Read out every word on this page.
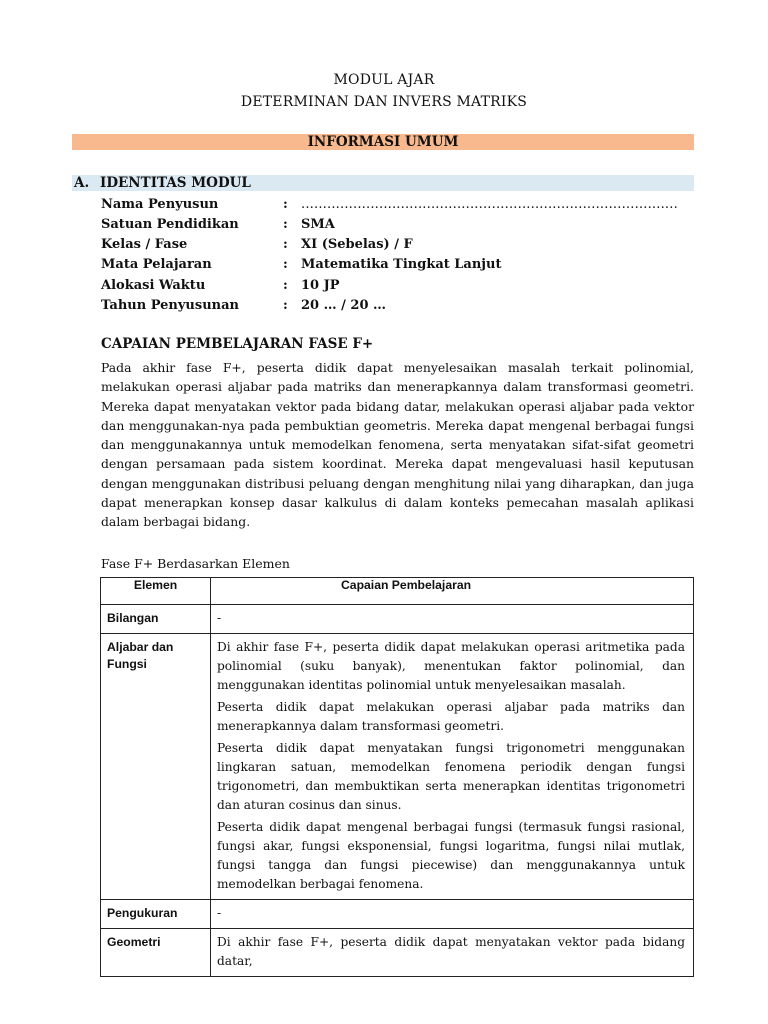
MODUL AJAR
DETERMINAN DAN INVERS MATRIKS
INFORMASI UMUM
A. IDENTITAS MODUL
Nama Penyusun	: .......................................................................................
Satuan Pendidikan	: SMA
Kelas / Fase	: XI (Sebelas) / F
Mata Pelajaran	: Matematika Tingkat Lanjut
Alokasi Waktu	: 10 JP
Tahun Penyusunan	: 20 … / 20 …
CAPAIAN PEMBELAJARAN FASE F+
Pada akhir fase F+, peserta didik dapat menyelesaikan masalah terkait polinomial, melakukan operasi aljabar pada matriks dan menerapkannya dalam transformasi geometri. Mereka dapat menyatakan vektor pada bidang datar, melakukan operasi aljabar pada vektor dan menggunakan-nya pada pembuktian geometris. Mereka dapat mengenal berbagai fungsi dan menggunakannya untuk memodelkan fenomena, serta menyatakan sifat-sifat geometri dengan persamaan pada sistem koordinat. Mereka dapat mengevaluasi hasil keputusan dengan menggunakan distribusi peluang dengan menghitung nilai yang diharapkan, dan juga dapat menerapkan konsep dasar kalkulus di dalam konteks pemecahan masalah aplikasi dalam berbagai bidang.
Fase F+ Berdasarkan Elemen
Elemen	Capaian Pembelajaran
Bilangan	-

Aljabar dan Fungsi	Di akhir fase F+, peserta didik dapat melakukan operasi aritmetika pada polinomial (suku banyak), menentukan faktor polinomial, dan menggunakan identitas polinomial untuk menyelesaikan masalah.

Peserta didik dapat melakukan operasi aljabar pada matriks dan menerapkannya dalam transformasi geometri.

Peserta didik dapat menyatakan fungsi trigonometri menggunakan lingkaran satuan, memodelkan fenomena periodik dengan fungsi trigonometri, dan membuktikan serta menerapkan identitas trigonometri dan aturan cosinus dan sinus.

Peserta didik dapat mengenal berbagai fungsi (termasuk fungsi rasional, fungsi akar, fungsi eksponensial, fungsi logaritma, fungsi nilai mutlak, fungsi tangga dan fungsi piecewise) dan menggunakannya untuk memodelkan berbagai fenomena.

Pengukuran	-

Geometri	Di akhir fase F+, peserta didik dapat menyatakan vektor pada bidang datar,
